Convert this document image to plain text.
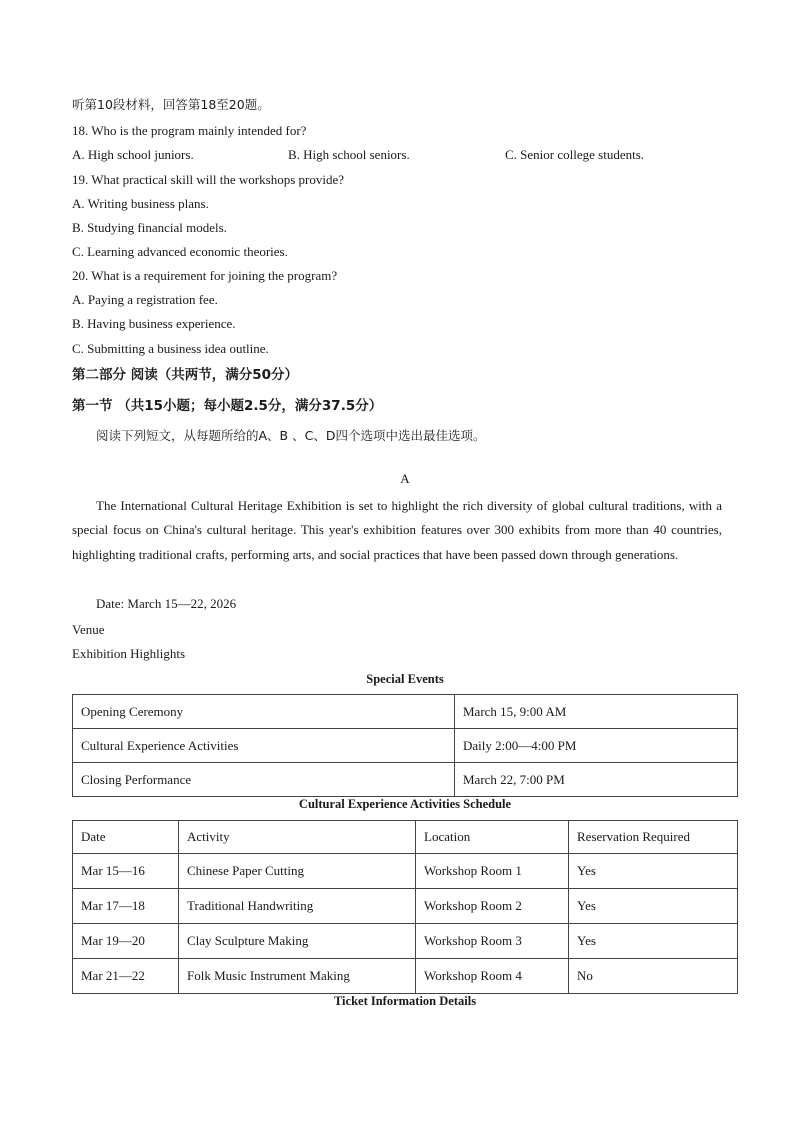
听第10段材料，回答第18至20题。
18. Who is the program mainly intended for?
A. High school juniors.	B. High school seniors.	C. Senior college students.
19. What practical skill will the workshops provide?
A. Writing business plans.
B. Studying financial models.
C. Learning advanced economic theories.
20. What is a requirement for joining the program?
A. Paying a registration fee.
B. Having business experience.
C. Submitting a business idea outline.
第二部分 阅读（共两节，满分50分）
第一节 （共15小题；每小题2.5分，满分37.5分）
阅读下列短文，从每题所给的A、B 、C、D四个选项中选出最佳选项。
A
The International Cultural Heritage Exhibition is set to highlight the rich diversity of global cultural traditions, with a special focus on China's cultural heritage. This year's exhibition features over 300 exhibits from more than 40 countries, highlighting traditional crafts, performing arts, and social practices that have been passed down through generations.
Date: March 15—22, 2026
Venue
Exhibition Highlights
Special Events
Opening Ceremony	March 15, 9:00 AM
Cultural Experience Activities	Daily 2:00—4:00 PM
Closing Performance	March 22, 7:00 PM
Cultural Experience Activities Schedule
Date	Activity	Location	Reservation Required
Mar 15—16	Chinese Paper Cutting	Workshop Room 1	Yes
Mar 17—18	Traditional Handwriting	Workshop Room 2	Yes
Mar 19—20	Clay Sculpture Making	Workshop Room 3	Yes
Mar 21—22	Folk Music Instrument Making	Workshop Room 4	No
Ticket Information Details
